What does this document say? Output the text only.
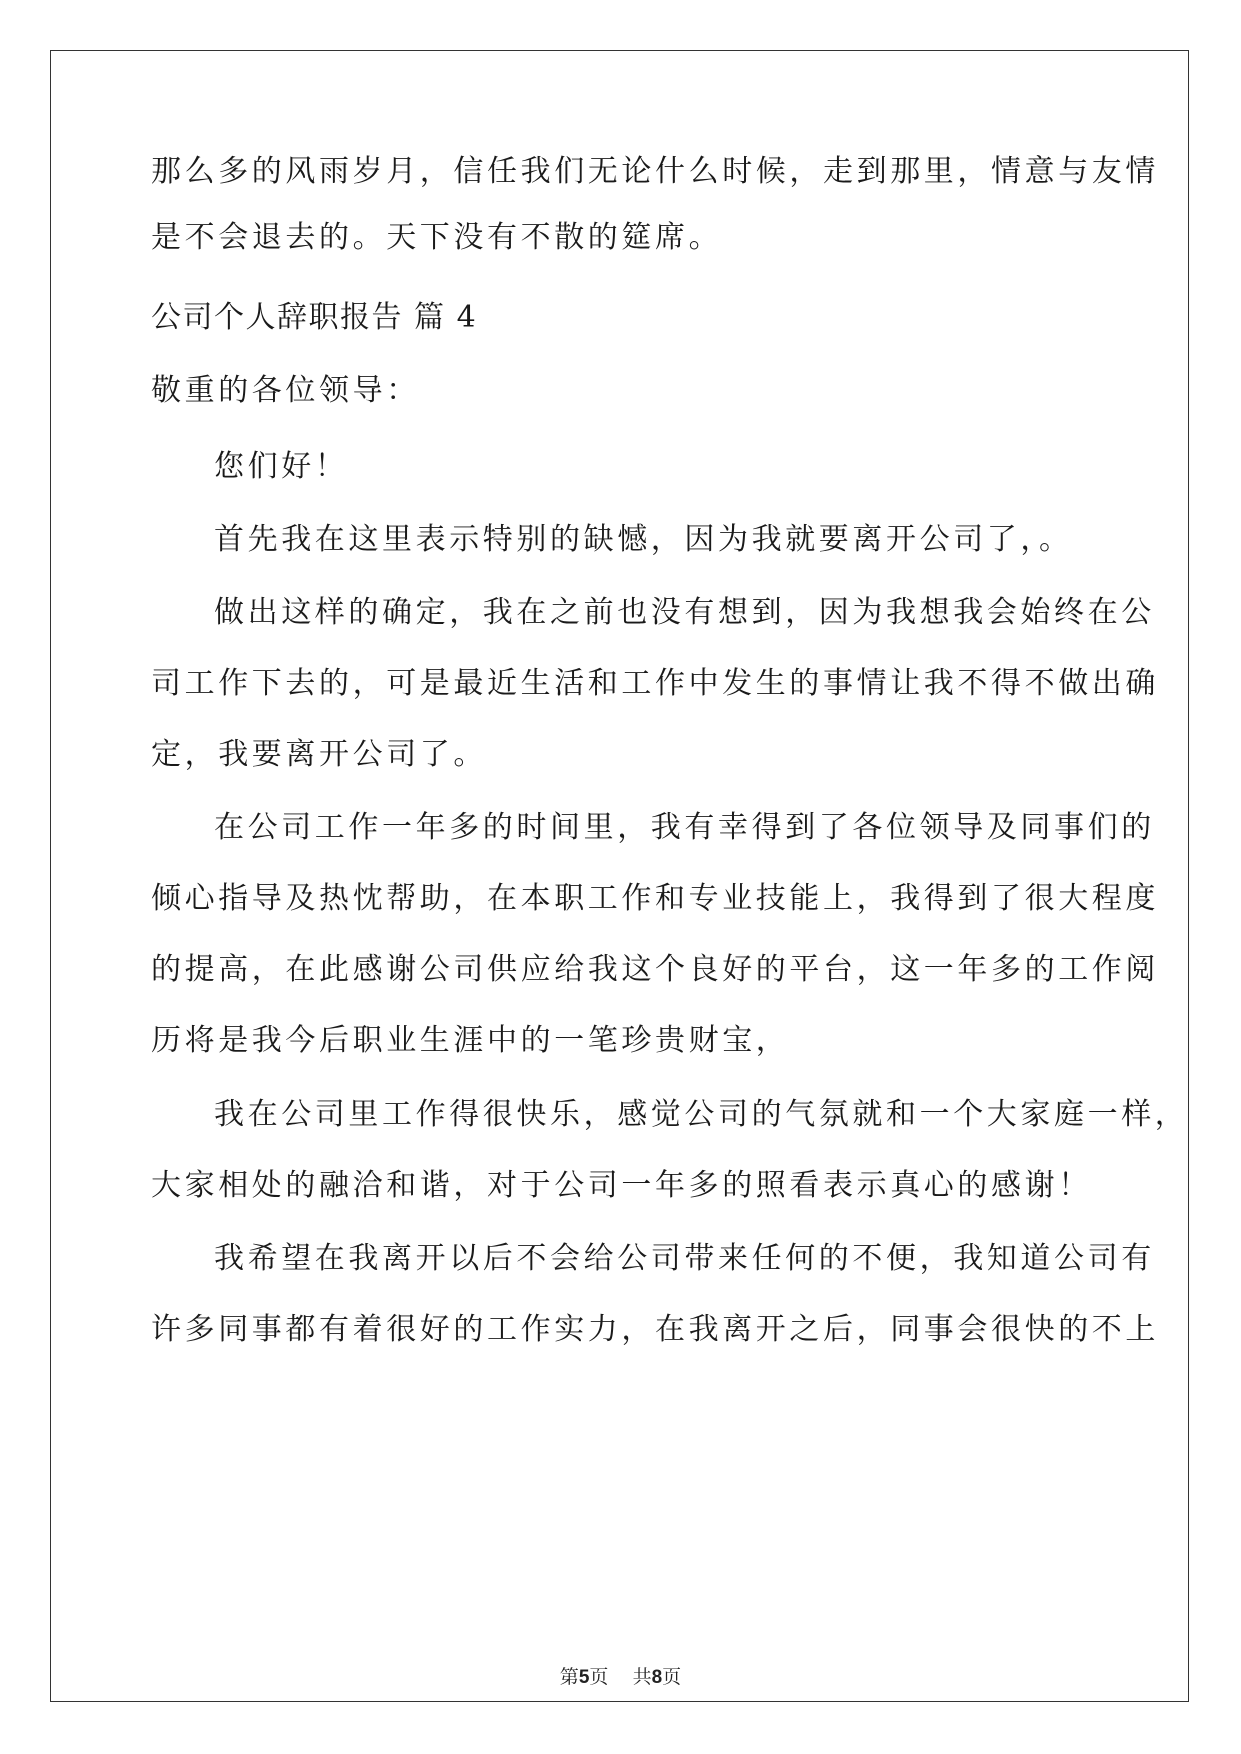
那么多的风雨岁月，信任我们无论什么时候，走到那里，情意与友情
是不会退去的。天下没有不散的筵席。
公司个人辞职报告 篇 4
敬重的各位领导：
您们好！
首先我在这里表示特别的缺憾，因为我就要离开公司了，。
做出这样的确定，我在之前也没有想到，因为我想我会始终在公
司工作下去的，可是最近生活和工作中发生的事情让我不得不做出确
定，我要离开公司了。
在公司工作一年多的时间里，我有幸得到了各位领导及同事们的
倾心指导及热忱帮助，在本职工作和专业技能上，我得到了很大程度
的提高，在此感谢公司供应给我这个良好的平台，这一年多的工作阅
历将是我今后职业生涯中的一笔珍贵财宝，
我在公司里工作得很快乐，感觉公司的气氛就和一个大家庭一样，
大家相处的融洽和谐，对于公司一年多的照看表示真心的感谢！
我希望在我离开以后不会给公司带来任何的不便，我知道公司有
许多同事都有着很好的工作实力，在我离开之后，同事会很快的不上
第5页 共8页
